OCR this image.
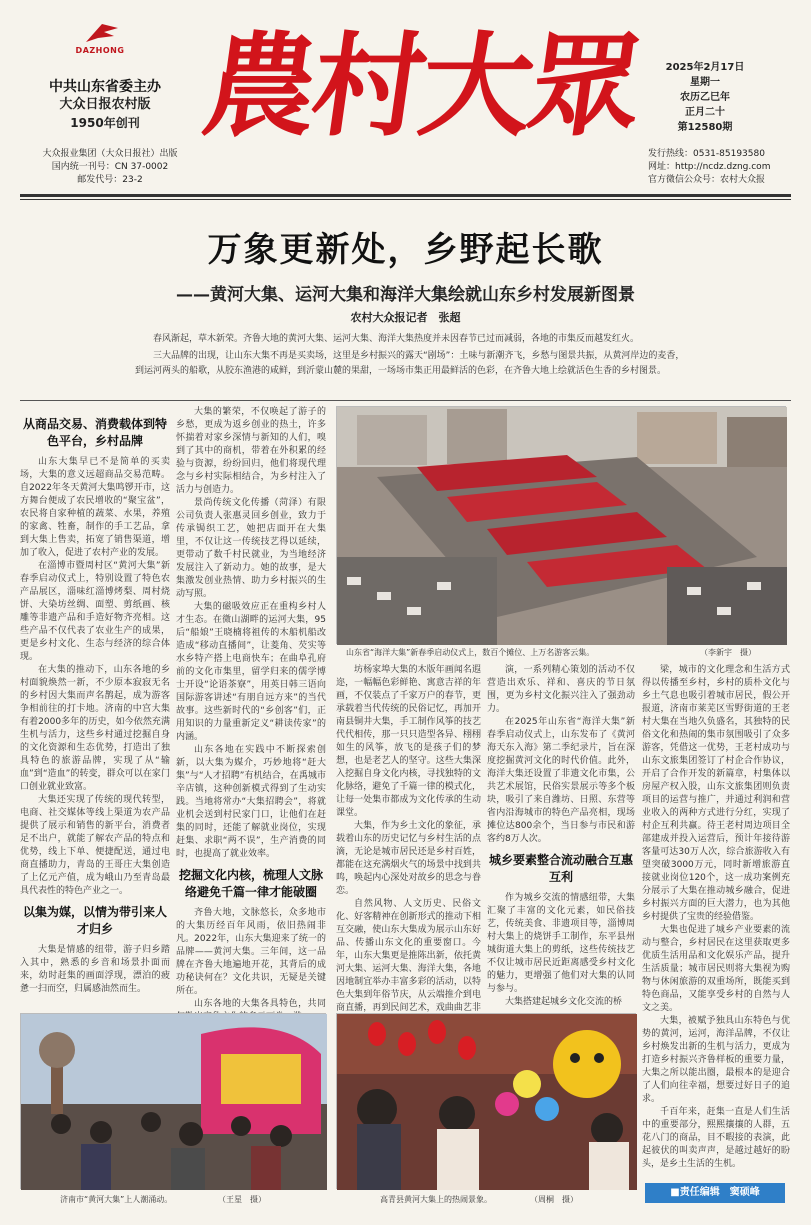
DAZHONG
中共山东省委主办
大众日报农村版
1950年创刊
大众报业集团（大众日报社）出版
国内统一刊号：CN 37-0002
邮发代号：23-2
農村大眾	2025年2月17日
星期一
农历乙巳年
正月二十
第12580期
发行热线：0531-85193580
网址：http://ncdz.dzng.com
官方微信公众号：农村大众报
万象更新处，乡野起长歌
——黄河大集、运河大集和海洋大集绘就山东乡村发展新图景
农村大众报记者　张超

春风渐起，草木新荣。齐鲁大地的黄河大集、运河大集、海洋大集热度并未因春节已过而减弱，各地的市集反而越发红火。

三大品牌的出现，让山东大集不再是买卖场，这里是乡村振兴的露天“剧场”：土味与新潮齐飞，乡愁与图景共振，从黄河岸边的麦香，到运河两头的船歌，从胶东渔港的咸鲜，到沂蒙山麓的果甜，一场场市集正用最鲜活的色彩，在齐鲁大地上绘就活色生香的乡村图景。

从商品交易、消费载体到特色平台，乡村品牌

山东大集早已不是简单的买卖场，大集的意义远超商品交易范畴。自2022年冬天黄河大集鸣锣开市，这方舞台便成了农民增收的“聚宝盆”，农民将自家种植的蔬菜、水果，养殖的家禽、牲畜，制作的手工艺品，拿到大集上售卖，拓宽了销售渠道，增加了收入，促进了农村产业的发展。

在淄博市暨周村区“黄河大集”新春季启动仪式上，特别设置了特色农产品展区，淄味红淄博烤梨、周村烧饼、大染坊丝绸、面塑、剪纸画、核雕等非遗产品和手造好物齐亮相。这些产品不仅代表了农业生产的成果，更是乡村文化、生态与经济的综合体现。

在大集的推动下，山东各地的乡村面貌焕然一新，不少原本寂寂无名的乡村因大集而声名鹊起，成为游客争相前往的打卡地。济南的中宫大集有着2000多年的历史，如今依然充满生机与活力，这些乡村通过挖掘自身的文化资源和生态优势，打造出了独具特色的旅游品牌，实现了从“输血”到“造血”的转变，群众可以在家门口创业就业致富。

大集还实现了传统的现代转型，电商、社交媒体等线上渠道为农产品提供了展示和销售的新平台，消费者足不出户，就能了解农产品的特点和优势，线上下单、便捷配送，通过电商直播助力，青岛的王哥庄大集创造了上亿元产值，成为峨山乃至青岛最具代表性的特色产业之一。

以集为媒，以情为带引来人才归乡

大集是情感的纽带，游子归乡踏入其中，熟悉的乡音和场景扑面而来，幼时赶集的画面浮现，漂泊的疲惫一扫而空，归属感油然而生。

大集的繁荣，不仅唤起了游子的乡愁，更成为返乡创业的热土，许多怀揣着对家乡深情与新知的人们，嗅到了其中的商机，带着在外积累的经验与资源，纷纷回归，他们将现代理念与乡村实际相结合，为乡村注入了活力与创造力。

景尚传统文化传播（菏泽）有限公司负责人张惠灵回乡创业，致力于传承锔织工艺，她把店面开在大集里，不仅让这一传统技艺得以延续，更带动了数千村民就业，为当地经济发展注入了新动力。她的故事，是大集激发创业热情、助力乡村振兴的生动写照。

大集的磁吸效应正在重构乡村人才生态。在微山湖畔的运河大集，95后“船娘”王晓楠将祖传的木船机船改造成“移动直播间”，让菱角、芡实等水乡特产搭上电商快车；在曲阜孔府前的文化市集里，留学归来的儒学博士开设“论语茶寮”，用英日韩三语向国际游客讲述“有朋自远方来”的当代故事。这些新时代的“乡创客”们，正用知识的力量重新定义“耕读传家”的内涵。

山东各地在实践中不断探索创新，以大集为媒介，巧妙地将“赶大集”与“人才招聘”有机结合，在禹城市辛店镇，这种创新模式得到了生动实践。当地将常办“大集招聘会”，将就业机会送到村民家门口，让他们在赶集的同时，还能了解就业岗位，实现赶集、求职“两不误”，生产消费的同时，也提高了就业效率。

挖掘文化内核，梳理人文脉络避免千篇一律才能破圈

齐鲁大地，文脉悠长，众多地市的大集历经百年风雨，依旧热闹非凡。2022年，山东大集迎来了统一的品牌——黄河大集。三年间，这一品牌在齐鲁大地遍地开花，其背后的成功秘诀何在？文化共识，无疑是关键所在。

山东各地的大集各具特色，共同

山东省“海洋大集”新春季启动仪式上，数百个摊位、上万名游客云集。	（李新宇　摄）

坊杨家埠大集的木版年画闻名遐迩，一幅幅色彩鲜艳、寓意吉祥的年画，不仅装点了千家万户的春节，更承载着当代传统的民俗记忆，再加开南县铜井大集，手工制作风筝的技艺代代相传，那一只只造型各异、栩栩如生的风筝，放飞的是孩子们的梦想，也是老艺人的坚守。这些大集深入挖掘自身文化内核，寻找独特的文化脉络，避免了千篇一律的模式化，让每一处集市都成为文化传承的生动课堂。

大集，作为乡土文化的象征，承载着山东的历史记忆与乡村生活的点滴，无论是城市居民还是乡村百姓，都能在这充满烟火气的场景中找到共鸣，唤起内心深处对故乡的思念与眷恋。

自然风物、人文历史、民俗文化、好客精神在创新形式的推动下相互交融，使山东大集成为展示山东好品、传播山东文化的重要窗口。今年，山东大集更是推陈出新，依托黄河大集、运河大集、海洋大集，各地因地制宜举办丰富多彩的活动，以特色大集到年俗节庆，从云端推介到电商直播，再到民间艺术，戏曲曲艺非

演，一系列精心策划的活动不仅营造出欢乐、祥和、喜庆的节日氛围，更为乡村文化振兴注入了强劲动力。

在2025年山东省“海洋大集”新春季启动仪式上，山东发布了《黄河海天东入海》第二季纪录片，旨在深度挖掘黄河文化的时代价值。此外，海洋大集还设置了非遗文化市集，公共艺术展馆，民俗实景展示等多个板块，吸引了来自潍坊、日照、东营等省内沿海城市的特色产品亮相，现场摊位达800余个，当日参与市民和游客约8万人次。

城乡要素整合流动融合互惠互利

作为城乡交流的情感纽带，大集汇聚了丰富的文化元素，如民俗技艺，传统美食、非遗项目等，淄博周村大集上的烧饼手工制作，东平县州城街道大集上的剪纸，这些传统技艺不仅让城市居民近距离感受乡村文化的魅力，更增强了他们对大集的认同与参与。

大集搭建起城乡文化交流的桥

梁，城市的文化理念和生活方式得以传播至乡村，乡村的质朴文化与乡土气息也吸引着城市居民，假公开报道，济南市莱芜区雪野街道的王老村大集在当地久负盛名，其独特的民俗文化和热闹的集市氛围吸引了众多游客，凭借这一优势，王老村成功与山东文旅集团签订了村企合作协议，开启了合作开发的新篇章，村集体以房屋产权入股，山东文旅集团则负责项目的运营与推广，并通过利润和营业收入的两种方式进行分红，实现了村企互利共赢。待王老村周边项目全部建成并投入运营后，预计年接待游客量可达30万人次，综合旅游收入有望突破3000万元，同时新增旅游直接就业岗位120个，这一成功案例充分展示了大集在推动城乡融合，促进乡村振兴方面的巨大潜力，也为其他乡村提供了宝贵的经验借鉴。

大集也促进了城乡产业要素的流动与整合，乡村居民在这里获取更多优质生活用品和文化娱乐产品，提升生活质量；城市居民则将大集视为购物与休闲旅游的双重场所，既能买到特色商品，又能享受乡村的自然与人文之美。

大集，被赋予独具山东特色与优势的黄河，运河，海洋品牌，不仅让乡村焕发出新的生机与活力，更成为打造乡村振兴齐鲁样板的重要力量，大集之所以能出圈，最根本的是迎合了人们向往幸福，想要过好日子的追求。

千百年来，赶集一直是人们生活中的重要部分，熙熙攘攘的人群，五花八门的商品，目不暇接的表演，此起彼伏的叫卖声声，是越过越好的盼头，是乡土生活的生机。

济南市“黄河大集”上人潮涌动。	（王星　摄）	高青县黄河大集上的热闹景象。	（周桐　摄）
■责任编辑　窦硕峰
